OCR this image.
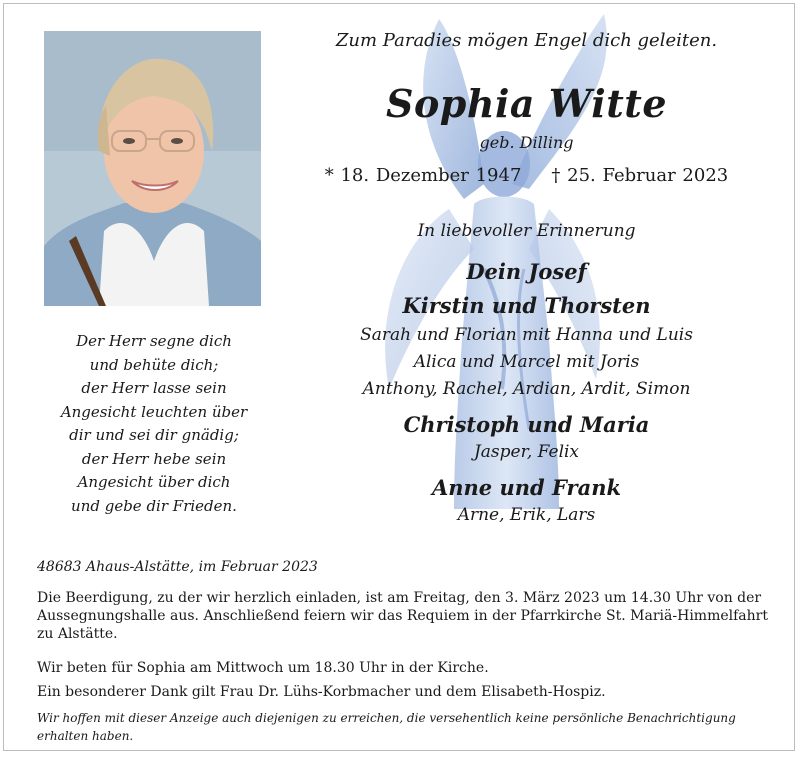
Der Herr segne dich
und behüte dich;
der Herr lasse sein
Angesicht leuchten über
dir und sei dir gnädig;
der Herr hebe sein
Angesicht über dich
und gebe dir Frieden.
Zum Paradies mögen Engel dich geleiten.
Sophia Witte
geb. Dilling
* 18. Dezember 1947 † 25. Februar 2023
In liebevoller Erinnerung
Dein Josef
Kirstin und Thorsten
Sarah und Florian mit Hanna und Luis
Alica und Marcel mit Joris
Anthony, Rachel, Ardian, Ardit, Simon
Christoph und Maria
Jasper, Felix
Anne und Frank
Arne, Erik, Lars
48683 Ahaus-Alstätte, im Februar 2023
Die Beerdigung, zu der wir herzlich einladen, ist am Freitag, den 3. März 2023 um 14.30 Uhr von der Aussegnungshalle aus. Anschließend feiern wir das Requiem in der Pfarrkirche St. Mariä-Himmelfahrt zu Alstätte.
Wir beten für Sophia am Mittwoch um 18.30 Uhr in der Kirche.
Ein besonderer Dank gilt Frau Dr. Lühs-Korbmacher und dem Elisabeth-Hospiz.
Wir hoffen mit dieser Anzeige auch diejenigen zu erreichen, die versehentlich keine persönliche Benachrichtigung erhalten haben.
